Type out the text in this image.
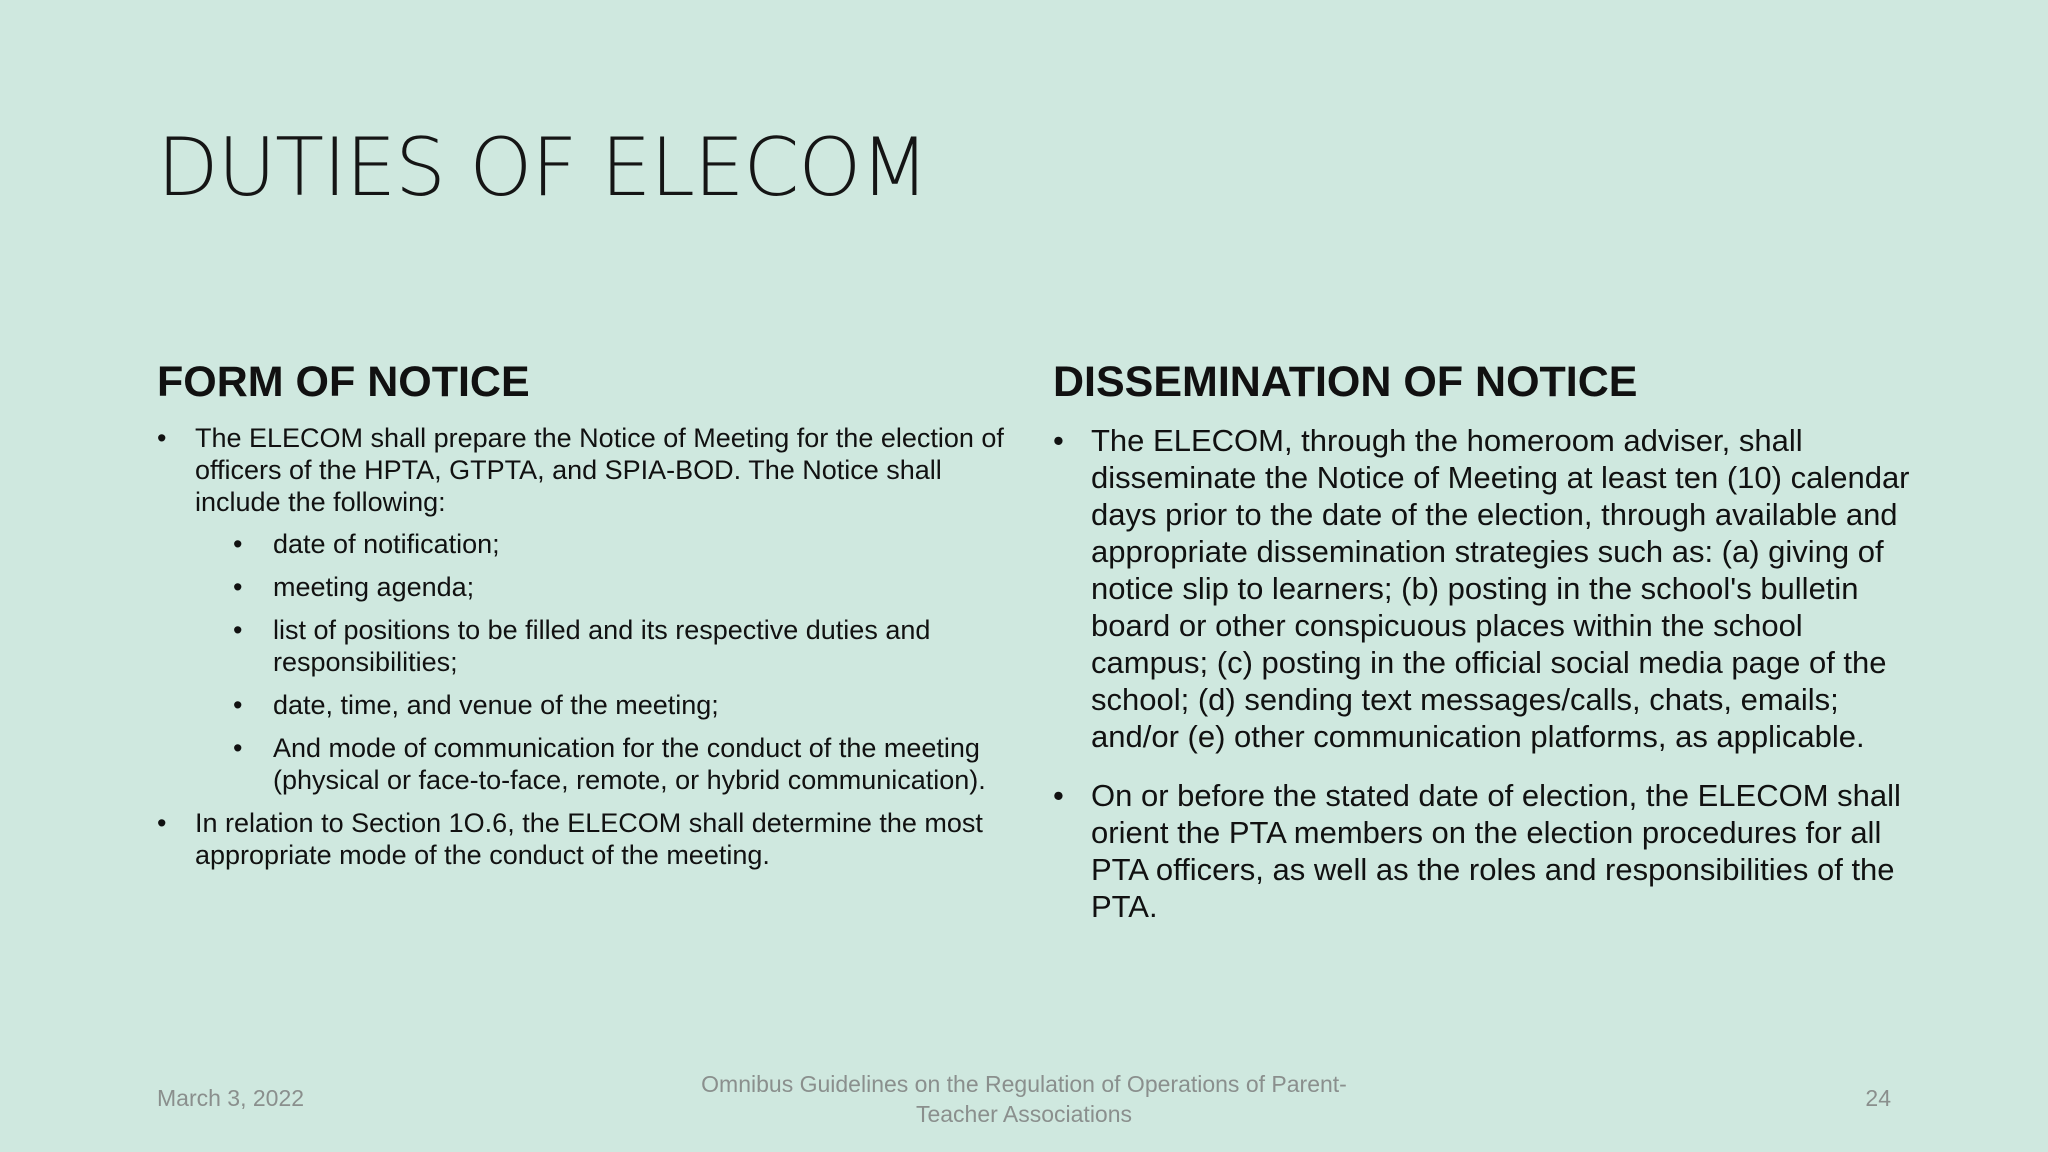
DUTIES OF ELECOM
FORM OF NOTICE
• The ELECOM shall prepare the Notice of Meeting for the election of officers of the HPTA, GTPTA, and SPIA-BOD. The Notice shall include the following:
• date of notification;
• meeting agenda;
• list of positions to be filled and its respective duties and responsibilities;
• date, time, and venue of the meeting;
• And mode of communication for the conduct of the meeting (physical or face-to-face, remote, or hybrid communication).
• In relation to Section 1O.6, the ELECOM shall determine the most appropriate mode of the conduct of the meeting.
DISSEMINATION OF NOTICE
• The ELECOM, through the homeroom adviser, shall disseminate the Notice of Meeting at least ten (10) calendar days prior to the date of the election, through available and appropriate dissemination strategies such as: (a) giving of notice slip to learners; (b) posting in the school's bulletin board or other conspicuous places within the school campus; (c) posting in the official social media page of the school; (d) sending text messages/calls, chats, emails; and/or (e) other communication platforms, as applicable.
• On or before the stated date of election, the ELECOM shall orient the PTA members on the election procedures for all PTA officers, as well as the roles and responsibilities of the PTA.
March 3, 2022
Omnibus Guidelines on the Regulation of Operations of Parent-
Teacher Associations
24
